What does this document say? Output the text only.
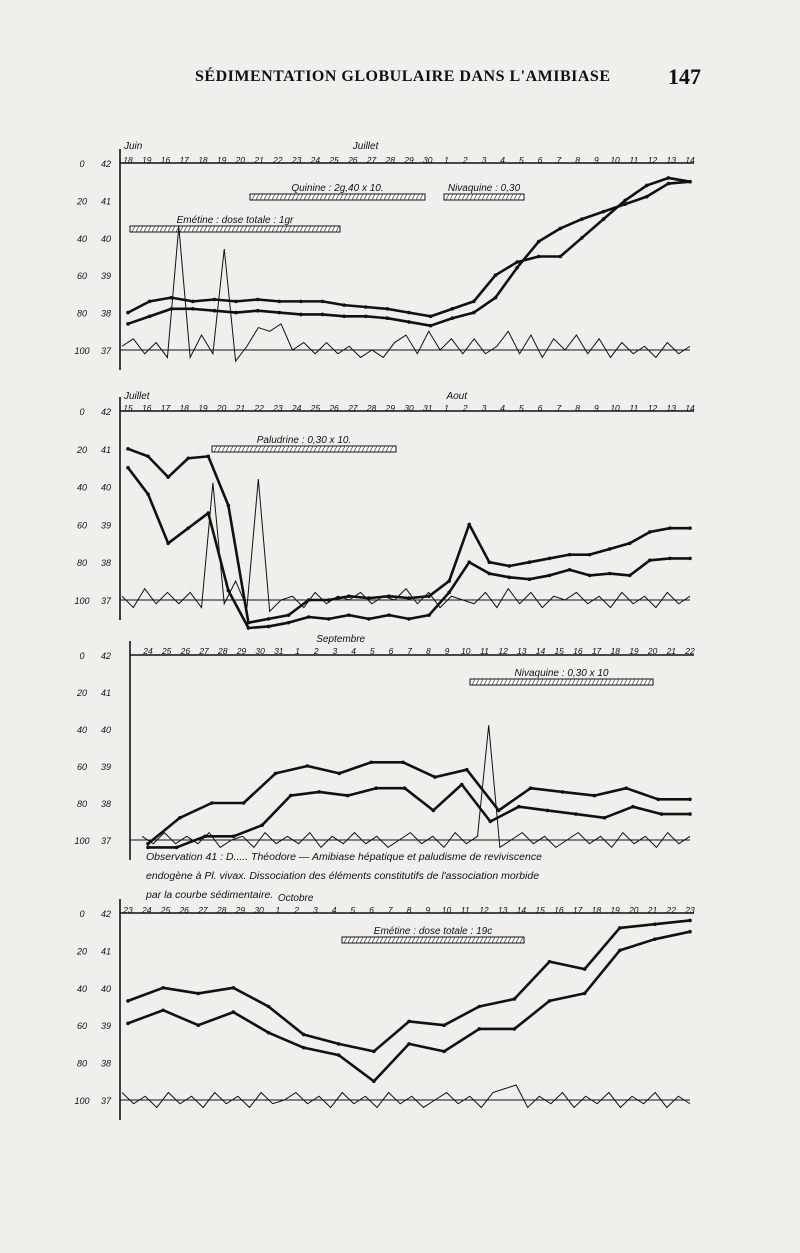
SÉDIMENTATION GLOBULAIRE DANS L'AMIBIASE	147
0
20
40
60
80
100
42
41
40
39
38
37
18 19 16 17 18 19 20 21 22 23 24 25 26 27 28 29 30 1 2 3 4 5 6 7 8 9 10 11 12 13 14
Juin	Juillet
Quinine : 2g,40 x 10.	Nivaquine : 0,30
Emétine : dose totale : 1gr
0
20
40
60
80
100
42
41
40
39
38
37
15 16 17 18 19 20 21 22 23 24 25 26 27 28 29 30 31 1 2 3 4 5 6 7 8 9 10 11 12 13 14
Juillet	Aout
Paludrine : 0,30 x 10.
0
20
40
60
80
100
42
41
40
39
38
37
24 25 26 27 28 29 30 31 1 2 3 4 5 6 7 8 9 10 11 12 13 14 15 16 17 18 19 20 21 22
Septembre
Nivaquine : 0,30 x 10
0
20
40
60
80
100
42
41
40
39
38
37
23 24 25 26 27 28 29 30 1 2 3 4 5 6 7 8 9 10 11 12 13 14 15 16 17 18 19 20 21 22 23
Octobre
Emétine : dose totale : 19c
Observation 41 : D..... Théodore — Amibiase hépatique et paludisme de reviviscence
endogène à Pl. vivax. Dissociation des éléments constitutifs de l'association morbide
par la courbe sédimentaire.
